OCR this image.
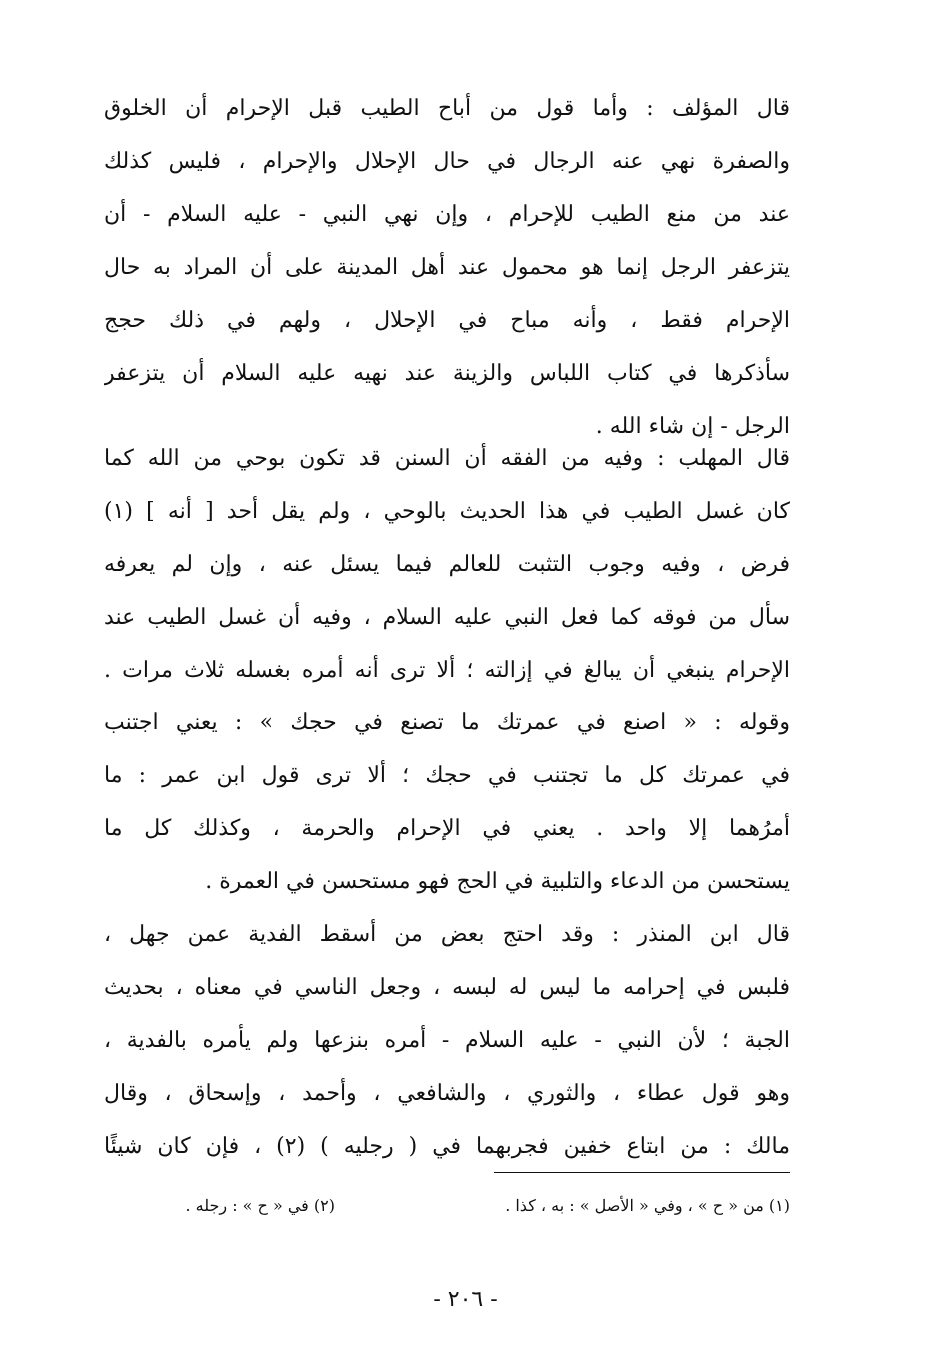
قال المؤلف : وأما قول من أباح الطيب قبل الإحرام أن الخلوق
والصفرة نهي عنه الرجال في حال الإحلال والإحرام ، فليس كذلك
عند من منع الطيب للإحرام ، وإن نهي النبي - عليه السلام - أن
يتزعفر الرجل إنما هو محمول عند أهل المدينة على أن المراد به حال
الإحرام فقط ، وأنه مباح في الإحلال ، ولهم في ذلك حجج
سأذكرها في كتاب اللباس والزينة عند نهيه عليه السلام أن يتزعفر
الرجل - إن شاء الله .
قال المهلب : وفيه من الفقه أن السنن قد تكون بوحي من الله كما
كان غسل الطيب في هذا الحديث بالوحي ، ولم يقل أحد [ أنه ] (١)
فرض ، وفيه وجوب التثبت للعالم فيما يسئل عنه ، وإن لم يعرفه
سأل من فوقه كما فعل النبي عليه السلام ، وفيه أن غسل الطيب عند
الإحرام ينبغي أن يبالغ في إزالته ؛ ألا ترى أنه أمره بغسله ثلاث مرات .
وقوله : « اصنع في عمرتك ما تصنع في حجك » : يعني اجتنب
في عمرتك كل ما تجتنب في حجك ؛ ألا ترى قول ابن عمر : ما
أمرُهما إلا واحد . يعني في الإحرام والحرمة ، وكذلك كل ما
يستحسن من الدعاء والتلبية في الحج فهو مستحسن في العمرة .
قال ابن المنذر : وقد احتج بعض من أسقط الفدية عمن جهل ،
فلبس في إحرامه ما ليس له لبسه ، وجعل الناسي في معناه ، بحديث
الجبة ؛ لأن النبي - عليه السلام - أمره بنزعها ولم يأمره بالفدية ،
وهو قول عطاء ، والثوري ، والشافعي ، وأحمد ، وإسحاق ، وقال
مالك : من ابتاع خفين فجربهما في ( رجليه ) (٢) ، فإن كان شيئًا
(١) من « ح » ، وفي « الأصل » : به ، كذا .
(٢) في « ح » : رجله .
- ٢٠٦ -
